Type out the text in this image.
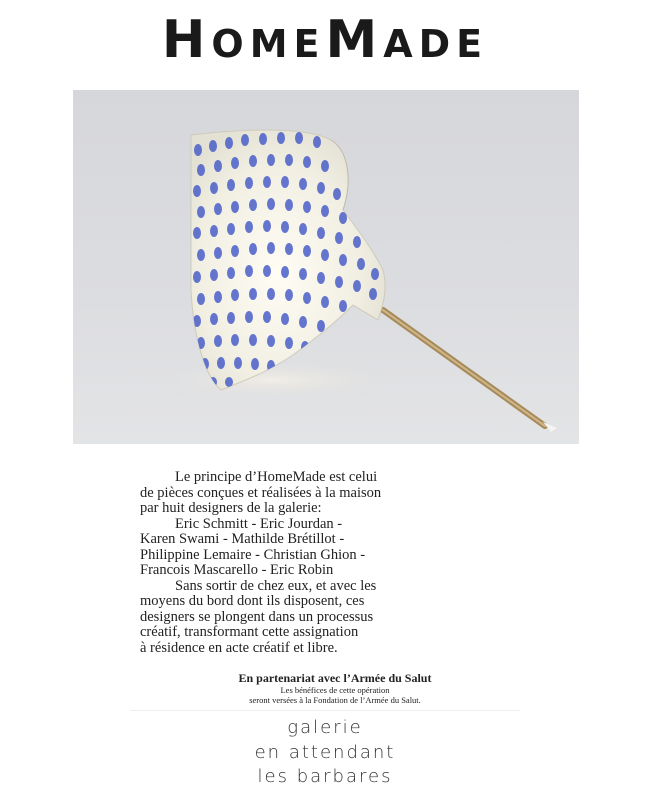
HOMEMADE
Le principe d’HomeMade est celui
de pièces conçues et réalisées à la maison
par huit designers de la galerie:
Eric Schmitt - Eric Jourdan -
Karen Swami - Mathilde Brétillot -
Philippine Lemaire - Christian Ghion -
Francois Mascarello - Eric Robin
Sans sortir de chez eux, et avec les
moyens du bord dont ils disposent, ces
designers se plongent dans un processus
créatif, transformant cette assignation
à résidence en acte créatif et libre.
En partenariat avec l’Armée du Salut
Les bénéfices de cette opération
seront versées à la Fondation de l’Armée du Salut.
galerie
en attendant
les barbares
